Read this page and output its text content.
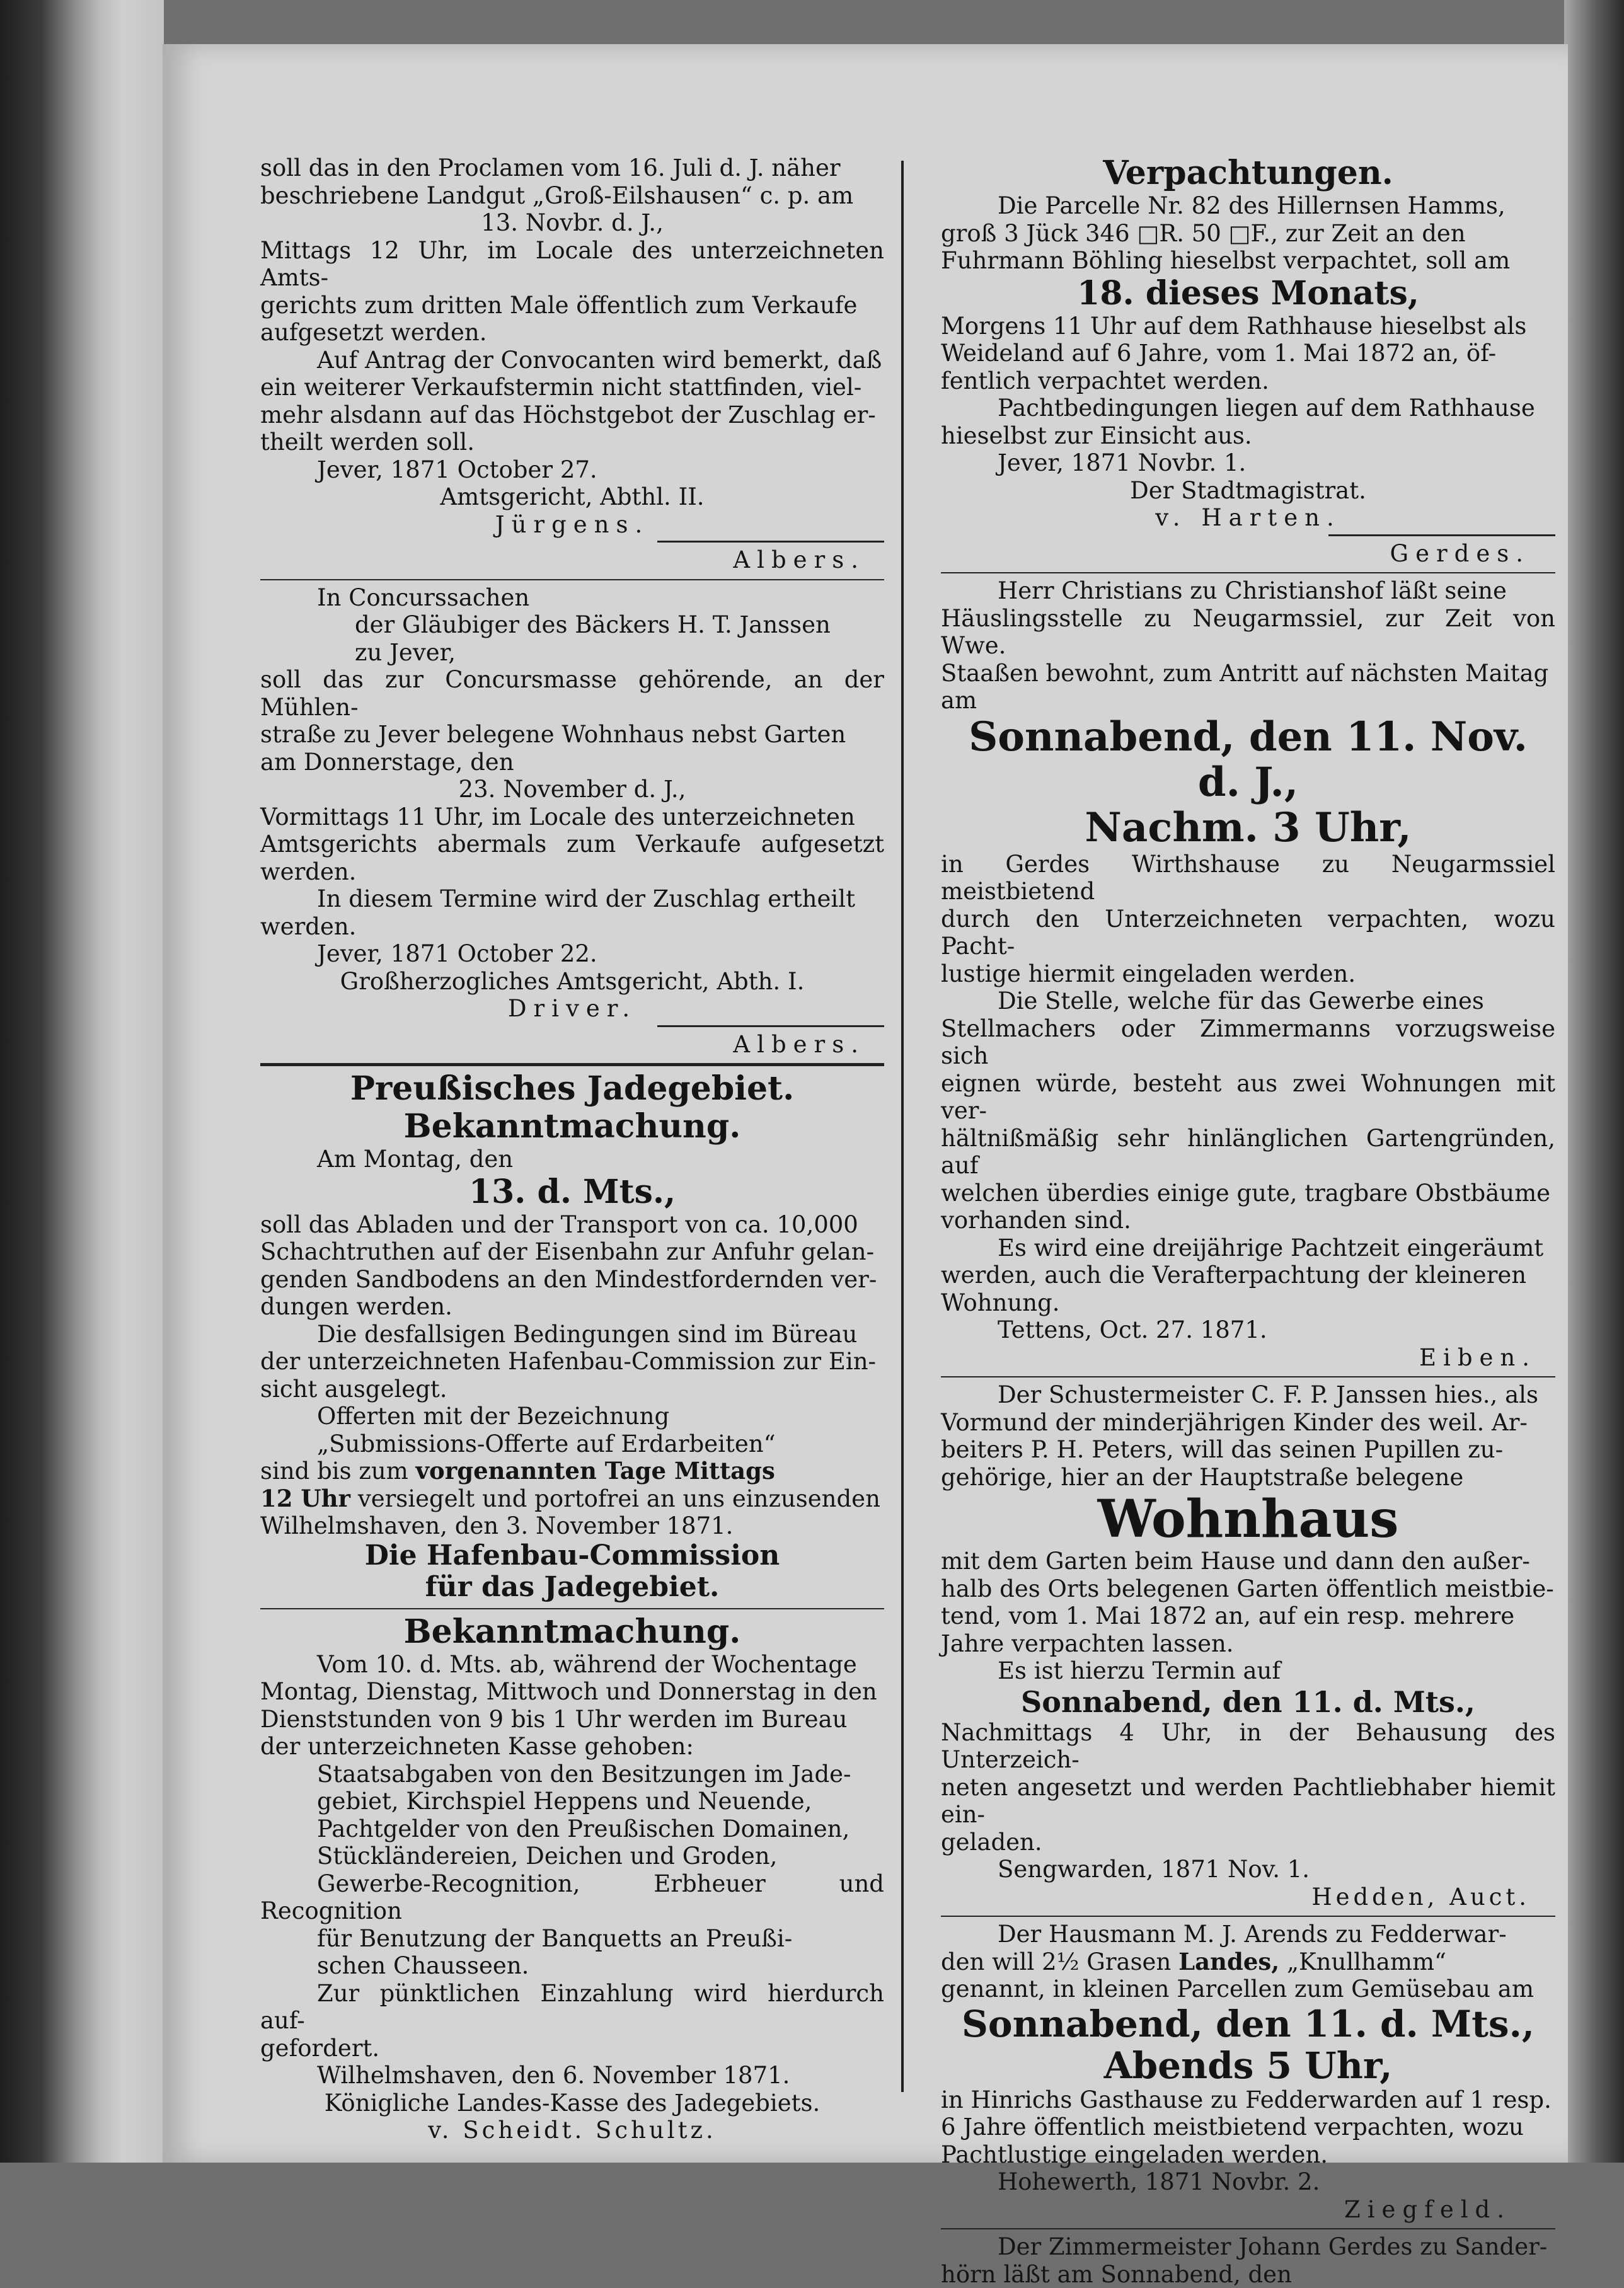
soll das in den Proclamen vom 16. Juli d. J. näher

beschriebene Landgut „Groß-Eilshausen“ c. p. am

13. Novbr. d. J.,

Mittags 12 Uhr, im Locale des unterzeichneten Amts-

gerichts zum dritten Male öffentlich zum Verkaufe

aufgesetzt werden.

Auf Antrag der Convocanten wird bemerkt, daß

ein weiterer Verkaufstermin nicht stattfinden, viel-

mehr alsdann auf das Höchstgebot der Zuschlag er-

theilt werden soll.

Jever, 1871 October 27.

Amtsgericht, Abthl. II.

Jürgens.

Albers.

In Concurssachen

der Gläubiger des Bäckers H. T. Janssen

zu Jever,

soll das zur Concursmasse gehörende, an der Mühlen-

straße zu Jever belegene Wohnhaus nebst Garten

am Donnerstage, den

23. November d. J.,

Vormittags 11 Uhr, im Locale des unterzeichneten

Amtsgerichts abermals zum Verkaufe aufgesetzt werden.

In diesem Termine wird der Zuschlag ertheilt

werden.

Jever, 1871 October 22.

Großherzogliches Amtsgericht, Abth. I.

Driver.

Albers.

Preußisches Jadegebiet.

Bekanntmachung.

Am Montag, den

13. d. Mts.,

soll das Abladen und der Transport von ca. 10,000

Schachtruthen auf der Eisenbahn zur Anfuhr gelan-

genden Sandbodens an den Mindestfordernden ver-

dungen werden.

Die desfallsigen Bedingungen sind im Büreau

der unterzeichneten Hafenbau-Commission zur Ein-

sicht ausgelegt.

Offerten mit der Bezeichnung

„Submissions-Offerte auf Erdarbeiten“

sind bis zum vorgenannten Tage Mittags

12 Uhr versiegelt und portofrei an uns einzusenden

Wilhelmshaven, den 3. November 1871.

Die Hafenbau-Commission

für das Jadegebiet.

Bekanntmachung.

Vom 10. d. Mts. ab, während der Wochentage

Montag, Dienstag, Mittwoch und Donnerstag in den

Dienststunden von 9 bis 1 Uhr werden im Bureau

der unterzeichneten Kasse gehoben:

Staatsabgaben von den Besitzungen im Jade-

gebiet, Kirchspiel Heppens und Neuende,

Pachtgelder von den Preußischen Domainen,

Stückländereien, Deichen und Groden,

Gewerbe-Recognition, Erbheuer und Recognition

für Benutzung der Banquetts an Preußi-

schen Chausseen.

Zur pünktlichen Einzahlung wird hierdurch auf-

gefordert.

Wilhelmshaven, den 6. November 1871.

Königliche Landes-Kasse des Jadegebiets.

v. Scheidt. Schultz.

Verpachtungen.

Die Parcelle Nr. 82 des Hillernsen Hamms,

groß 3 Jück 346 □R. 50 □F., zur Zeit an den

Fuhrmann Böhling hieselbst verpachtet, soll am

18. dieses Monats,

Morgens 11 Uhr auf dem Rathhause hieselbst als

Weideland auf 6 Jahre, vom 1. Mai 1872 an, öf-

fentlich verpachtet werden.

Pachtbedingungen liegen auf dem Rathhause

hieselbst zur Einsicht aus.

Jever, 1871 Novbr. 1.

Der Stadtmagistrat.

v. Harten.

Gerdes.

Herr Christians zu Christianshof läßt seine

Häuslingsstelle zu Neugarmssiel, zur Zeit von Wwe.

Staaßen bewohnt, zum Antritt auf nächsten Maitag

am

Sonnabend, den 11. Nov. d. J.,

Nachm. 3 Uhr,

in Gerdes Wirthshause zu Neugarmssiel meistbietend

durch den Unterzeichneten verpachten, wozu Pacht-

lustige hiermit eingeladen werden.

Die Stelle, welche für das Gewerbe eines

Stellmachers oder Zimmermanns vorzugsweise sich

eignen würde, besteht aus zwei Wohnungen mit ver-

hältnißmäßig sehr hinlänglichen Gartengründen, auf

welchen überdies einige gute, tragbare Obstbäume

vorhanden sind.

Es wird eine dreijährige Pachtzeit eingeräumt

werden, auch die Verafterpachtung der kleineren

Wohnung.

Tettens, Oct. 27. 1871.

Eiben.

Der Schustermeister C. F. P. Janssen hies., als

Vormund der minderjährigen Kinder des weil. Ar-

beiters P. H. Peters, will das seinen Pupillen zu-

gehörige, hier an der Hauptstraße belegene

Wohnhaus

mit dem Garten beim Hause und dann den außer-

halb des Orts belegenen Garten öffentlich meistbie-

tend, vom 1. Mai 1872 an, auf ein resp. mehrere

Jahre verpachten lassen.

Es ist hierzu Termin auf

Sonnabend, den 11. d. Mts.,

Nachmittags 4 Uhr, in der Behausung des Unterzeich-

neten angesetzt und werden Pachtliebhaber hiemit ein-

geladen.

Sengwarden, 1871 Nov. 1.

Hedden, Auct.

Der Hausmann M. J. Arends zu Fedderwar-

den will 2½ Grasen Landes, „Knullhamm“

genannt, in kleinen Parcellen zum Gemüsebau am

Sonnabend, den 11. d. Mts.,

Abends 5 Uhr,

in Hinrichs Gasthause zu Fedderwarden auf 1 resp.

6 Jahre öffentlich meistbietend verpachten, wozu

Pachtlustige eingeladen werden.

Hohewerth, 1871 Novbr. 2.

Ziegfeld.

Der Zimmermeister Johann Gerdes zu Sander-

hörn läßt am Sonnabend, den
